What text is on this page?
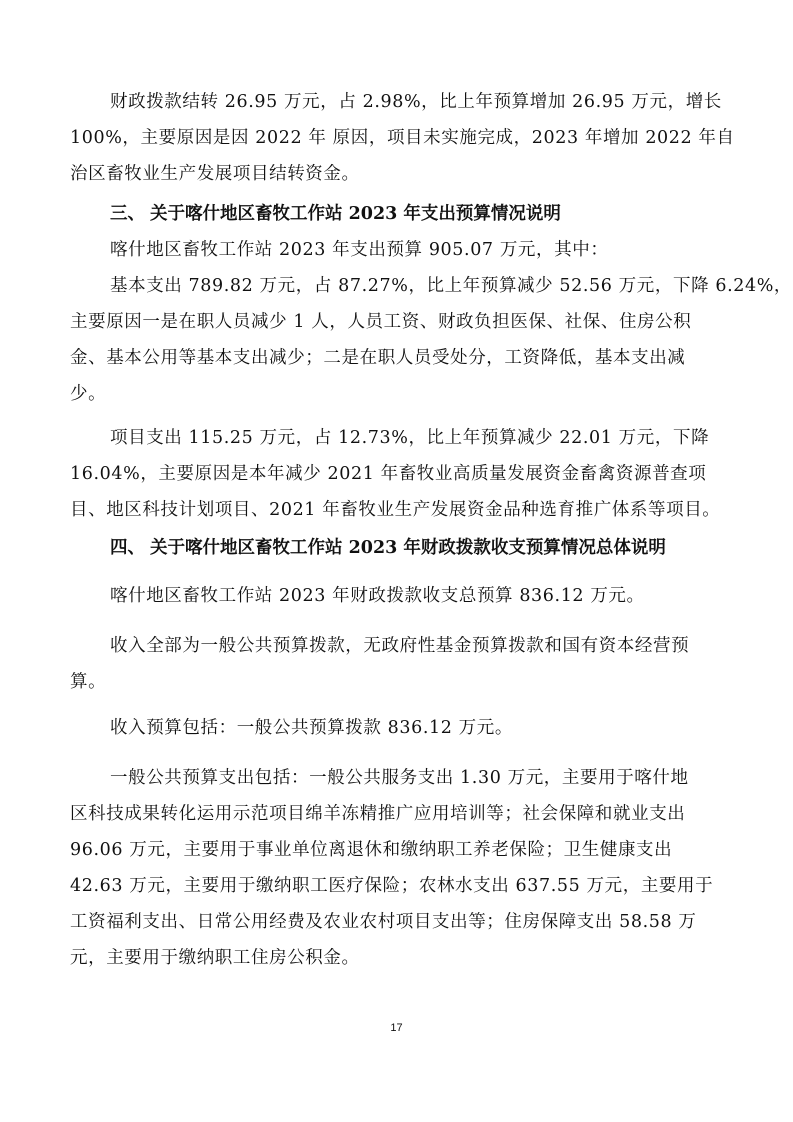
财政拨款结转 26.95 万元，占 2.98%，比上年预算增加 26.95 万元，增长
100%，主要原因是因 2022 年 原因，项目未实施完成，2023 年增加 2022 年自
治区畜牧业生产发展项目结转资金。
三、 关于喀什地区畜牧工作站 2023 年支出预算情况说明
喀什地区畜牧工作站 2023 年支出预算 905.07 万元，其中：
基本支出 789.82 万元，占 87.27%，比上年预算减少 52.56 万元，下降 6.24%，
主要原因一是在职人员减少 1 人，人员工资、财政负担医保、社保、住房公积
金、基本公用等基本支出减少；二是在职人员受处分，工资降低，基本支出减
少。
项目支出 115.25 万元，占 12.73%，比上年预算减少 22.01 万元，下降
16.04%，主要原因是本年减少 2021 年畜牧业高质量发展资金畜禽资源普查项
目、地区科技计划项目、2021 年畜牧业生产发展资金品种选育推广体系等项目。
四、 关于喀什地区畜牧工作站 2023 年财政拨款收支预算情况总体说明
喀什地区畜牧工作站 2023 年财政拨款收支总预算 836.12 万元。
收入全部为一般公共预算拨款，无政府性基金预算拨款和国有资本经营预
算。
收入预算包括：一般公共预算拨款 836.12 万元。
一般公共预算支出包括：一般公共服务支出 1.30 万元，主要用于喀什地
区科技成果转化运用示范项目绵羊冻精推广应用培训等；社会保障和就业支出
96.06 万元，主要用于事业单位离退休和缴纳职工养老保险；卫生健康支出
42.63 万元，主要用于缴纳职工医疗保险；农林水支出 637.55 万元，主要用于
工资福利支出、日常公用经费及农业农村项目支出等；住房保障支出 58.58 万
元，主要用于缴纳职工住房公积金。
17
